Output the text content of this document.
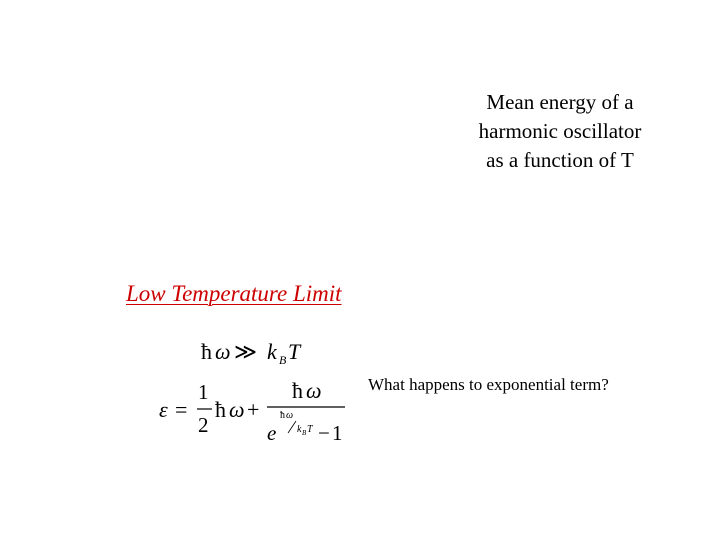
Mean energy of a
harmonic oscillator
as a function of T
Low Temperature Limit
ħ ω ≫ k B T
ε =
1
2
ħ ω +
ħ ω
e
ħ ω
k B T − 1
What happens to exponential term?
